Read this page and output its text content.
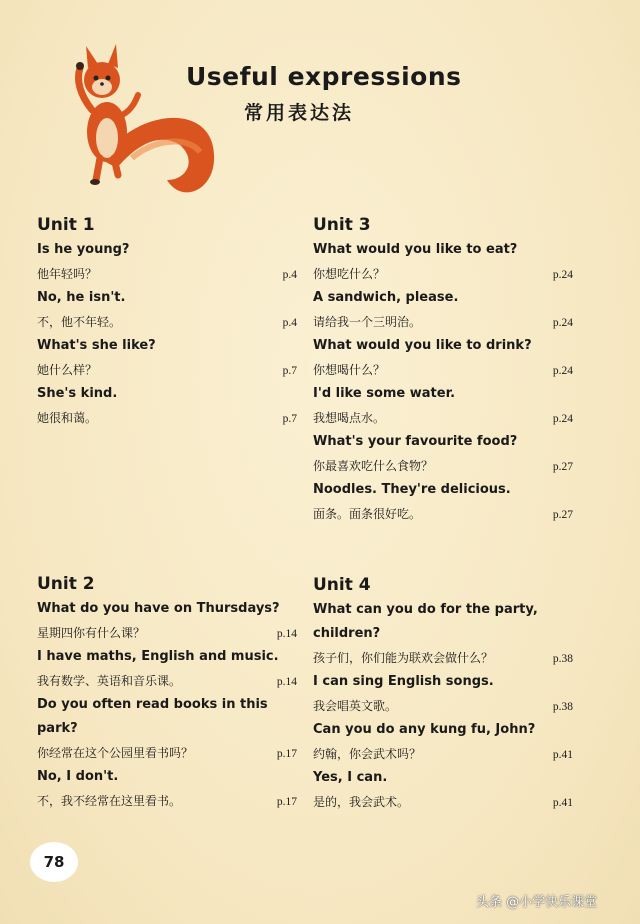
Useful expressions
常用表达法
Unit 1
Is he young?
他年轻吗？	p.4
No, he isn't.
不，他不年轻。	p.4
What's she like?
她什么样？	p.7
She's kind.
她很和蔼。	p.7
Unit 3
What would you like to eat?
你想吃什么？	p.24
A sandwich, please.
请给我一个三明治。	p.24
What would you like to drink?
你想喝什么？	p.24
I'd like some water.
我想喝点水。	p.24
What's your favourite food?
你最喜欢吃什么食物？	p.27
Noodles. They're delicious.
面条。面条很好吃。	p.27
Unit 2
What do you have on Thursdays?
星期四你有什么课？	p.14
I have maths, English and music.
我有数学、英语和音乐课。	p.14
Do you often read books in this park?
你经常在这个公园里看书吗？	p.17
No, I don't.
不，我不经常在这里看书。	p.17
Unit 4
What can you do for the party, children?
孩子们，你们能为联欢会做什么？	p.38
I can sing English songs.
我会唱英文歌。	p.38
Can you do any kung fu, John?
约翰，你会武术吗？	p.41
Yes, I can.
是的，我会武术。	p.41
78
头条 @小学快乐课堂
